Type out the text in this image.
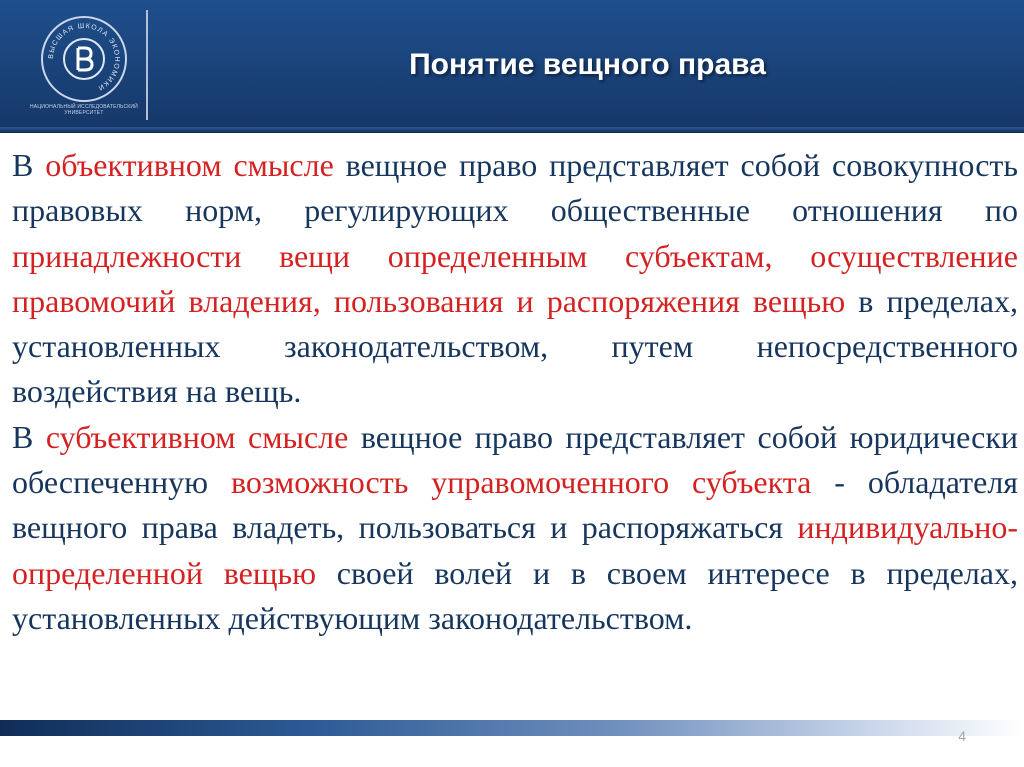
ВЫСШАЯ ШКОЛА ЭКОНОМИКИ
НАЦИОНАЛЬНЫЙ ИССЛЕДОВАТЕЛЬСКИЙ УНИВЕРСИТЕТ
Понятие вещного права

В объективном смысле вещное право представляет собой совокупность правовых норм, регулирующих общественные отношения по принадлежности вещи определенным субъектам, осуществление правомочий владения, пользования и распоряжения вещью в пределах, установленных законодательством, путем непосредственного воздействия на вещь.

В субъективном смысле вещное право представляет собой юридически обеспеченную возможность управомоченного субъекта - обладателя вещного права владеть, пользоваться и распоряжаться индивидуально-определенной вещью своей волей и в своем интересе в пределах, установленных действующим законодательством.

4
